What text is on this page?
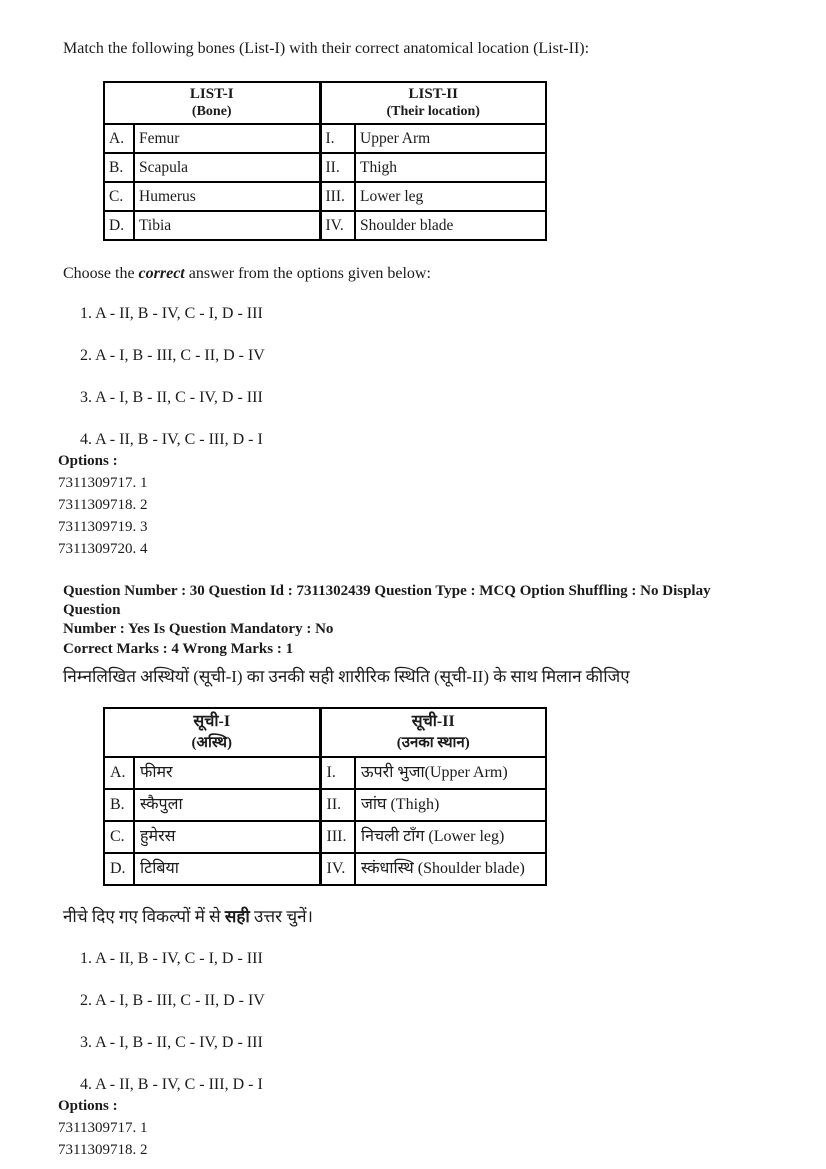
Match the following bones (List-I) with their correct anatomical location (List-II):

LIST-I
(Bone)

LIST-II
(Their location)

A.	Femur	I.	Upper Arm
B.	Scapula	II.	Thigh
C.	Humerus	III.	Lower leg
D.	Tibia	IV.	Shoulder blade

Choose the correct answer from the options given below:

1. A - II, B - IV, C - I, D - III
2. A - I, B - III, C - II, D - IV
3. A - I, B - II, C - IV, D - III
4. A - II, B - IV, C - III, D - I
Options :
7311309717. 1
7311309718. 2
7311309719. 3
7311309720. 4
Question Number : 30 Question Id : 7311302439 Question Type : MCQ Option Shuffling : No Display Question
Number : Yes Is Question Mandatory : No
Correct Marks : 4 Wrong Marks : 1

निम्नलिखित अस्थियों (सूची-I) का उनकी सही शारीरिक स्थिति (सूची-II) के साथ मिलान कीजिए

सूची-I
(अस्थि)

सूची-II
(उनका स्थान)

A.	फीमर	I.	ऊपरी भुजा(Upper Arm)
B.	स्कैपुला	II.	जांघ (Thigh)
C.	हुमेरस	III.	निचली टाँग (Lower leg)
D.	टिबिया	IV.	स्कंधास्थि (Shoulder blade)

नीचे दिए गए विकल्पों में से सही उत्तर चुनें।

1. A - II, B - IV, C - I, D - III
2. A - I, B - III, C - II, D - IV
3. A - I, B - II, C - IV, D - III
4. A - II, B - IV, C - III, D - I
Options :
7311309717. 1
7311309718. 2
